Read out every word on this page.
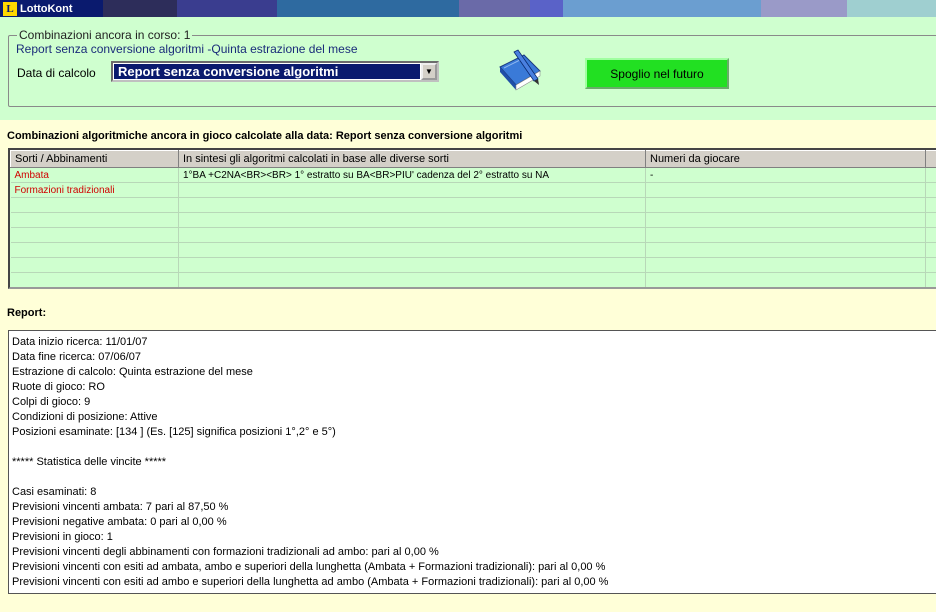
L LottoKont
Combinazioni ancora in corso: 1
Report senza conversione algoritmi -Quinta estrazione del mese
Data di calcolo	Report senza conversione algoritmi	▼	Spoglio nel futuro
Combinazioni algoritmiche ancora in gioco calcolate alla data: Report senza conversione algoritmi
Sorti / Abbinamenti	In sintesi gli algoritmi calcolati in base alle diverse sorti	Numeri da giocare	
Ambata	1°BA +C2NA<BR><BR> 1° estratto su BA<BR>PIU' cadenza del 2° estratto su NA	-	
Formazioni tradizionali			

Report:
Data inizio ricerca: 11/01/07
Data fine ricerca: 07/06/07
Estrazione di calcolo: Quinta estrazione del mese
Ruote di gioco: RO
Colpi di gioco: 9
Condizioni di posizione: Attive
Posizioni esaminate: [134 ] (Es. [125] significa posizioni 1°,2° e 5°)
***** Statistica delle vincite *****
Casi esaminati: 8
Previsioni vincenti ambata: 7 pari al 87,50 %
Previsioni negative ambata: 0 pari al 0,00 %
Previsioni in gioco: 1
Previsioni vincenti degli abbinamenti con formazioni tradizionali ad ambo: pari al 0,00 %
Previsioni vincenti con esiti ad ambata, ambo e superiori della lunghetta (Ambata + Formazioni tradizionali): pari al 0,00 %
Previsioni vincenti con esiti ad ambo e superiori della lunghetta ad ambo (Ambata + Formazioni tradizionali): pari al 0,00 %
